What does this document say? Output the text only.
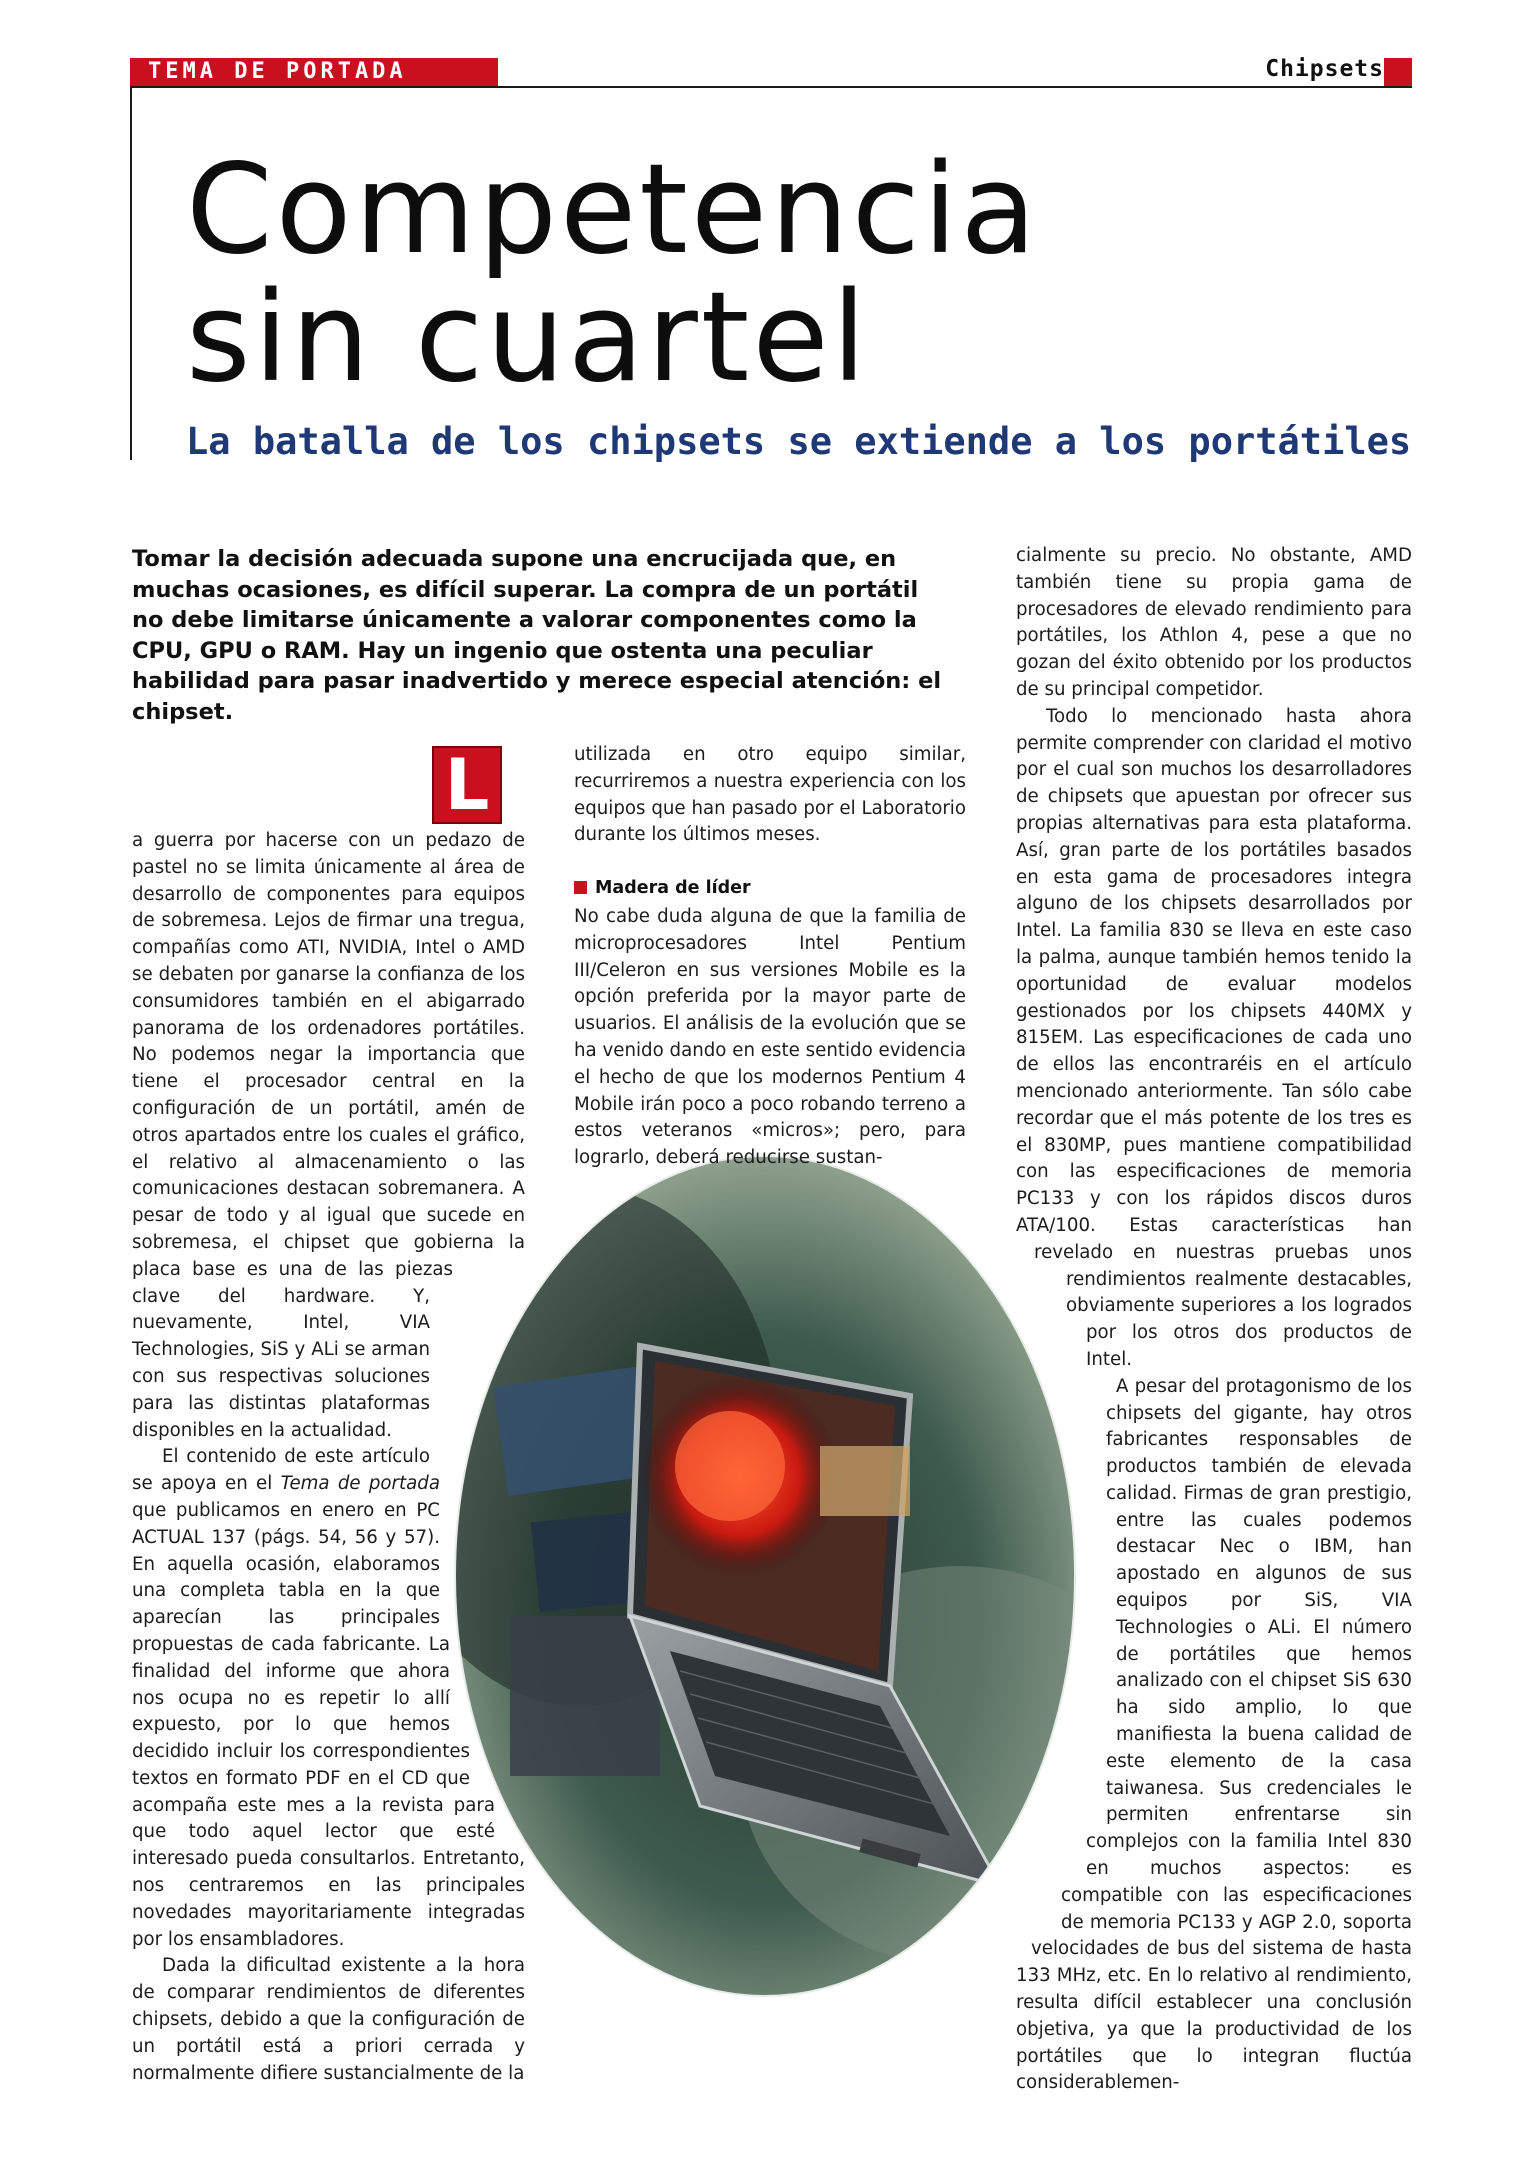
TEMA DE PORTADA	Chipsets
Competencia
sin cuartel
La batalla de los chipsets se extiende a los portátiles

Tomar la decisión adecuada supone una encrucijada que, en muchas ocasiones, es difícil superar. La compra de un portátil no debe limitarse únicamente a valorar componentes como la CPU, GPU o RAM. Hay un ingenio que ostenta una peculiar habilidad para pasar inadvertido y merece especial atención: el chipset.

L

a guerra por hacerse con un pedazo de pastel no se limita únicamente al área de desarrollo de componentes para equipos de sobremesa. Lejos de firmar una tregua, compañías como ATI, NVIDIA, Intel o AMD se debaten por ganarse la confianza de los consumidores también en el abigarrado panorama de los ordenadores portátiles. No podemos negar la importancia que tiene el procesador central en la configuración de un portátil, amén de otros apartados entre los cuales el gráfico, el relativo al almacenamiento o las comunicaciones destacan sobremanera. A pesar de todo y al igual que sucede en sobremesa, el chipset que gobierna la placa base es una de las piezas clave del hardware. Y, nuevamente, Intel, VIA Technologies, SiS y ALi se arman con sus respectivas soluciones para las distintas plataformas disponibles en la actualidad.

El contenido de este artículo se apoya en el Tema de portada que publicamos en enero en PC ACTUAL 137 (págs. 54, 56 y 57). En aquella ocasión, elaboramos una completa tabla en la que aparecían las principales propuestas de cada fabricante. La finalidad del informe que ahora nos ocupa no es repetir lo allí expuesto, por lo que hemos decidido incluir los correspondientes textos en formato PDF en el CD que acompaña este mes a la revista para que todo aquel lector que esté interesado pueda consultarlos. Entretanto, nos centraremos en las principales novedades mayoritariamente integradas por los ensambladores.

Dada la dificultad existente a la hora de comparar rendimientos de diferentes chipsets, debido a que la configuración de un portátil está a priori cerrada y normalmente difiere sustancialmente de la

utilizada en otro equipo similar, recurriremos a nuestra experiencia con los equipos que han pasado por el Laboratorio durante los últimos meses.

Madera de líder

No cabe duda alguna de que la familia de microprocesadores Intel Pentium III/Celeron en sus versiones Mobile es la opción preferida por la mayor parte de usuarios. El análisis de la evolución que se ha venido dando en este sentido evidencia el hecho de que los modernos Pentium 4 Mobile irán poco a poco robando terreno a estos veteranos «micros»; pero, para lograrlo, deberá reducirse sustan-

cialmente su precio. No obstante, AMD también tiene su propia gama de procesadores de elevado rendimiento para portátiles, los Athlon 4, pese a que no gozan del éxito obtenido por los productos de su principal competidor.

Todo lo mencionado hasta ahora permite comprender con claridad el motivo por el cual son muchos los desarrolladores de chipsets que apuestan por ofrecer sus propias alternativas para esta plataforma. Así, gran parte de los portátiles basados en esta gama de procesadores integra alguno de los chipsets desarrollados por Intel. La familia 830 se lleva en este caso la palma, aunque también hemos tenido la oportunidad de evaluar modelos gestionados por los chipsets 440MX y 815EM. Las especificaciones de cada uno de ellos las encontraréis en el artículo mencionado anteriormente. Tan sólo cabe recordar que el más potente de los tres es el 830MP, pues mantiene compatibilidad con las especificaciones de memoria PC133 y con los rápidos discos duros ATA/100. Estas características han revelado en nuestras pruebas unos rendimientos realmente destacables, obviamente superiores a los logrados por los otros dos productos de Intel.

A pesar del protagonismo de los chipsets del gigante, hay otros fabricantes responsables de productos también de elevada calidad. Firmas de gran prestigio, entre las cuales podemos destacar Nec o IBM, han apostado en algunos de sus equipos por SiS, VIA Technologies o ALi. El número de portátiles que hemos analizado con el chipset SiS 630 ha sido amplio, lo que manifiesta la buena calidad de este elemento de la casa taiwanesa. Sus credenciales le permiten enfrentarse sin complejos con la familia Intel 830 en muchos aspectos: es compatible con las especificaciones de memoria PC133 y AGP 2.0, soporta velocidades de bus del sistema de hasta 133 MHz, etc. En lo relativo al rendimiento, resulta difícil establecer una conclusión objetiva, ya que la productividad de los portátiles que lo integran fluctúa considerablemen-
